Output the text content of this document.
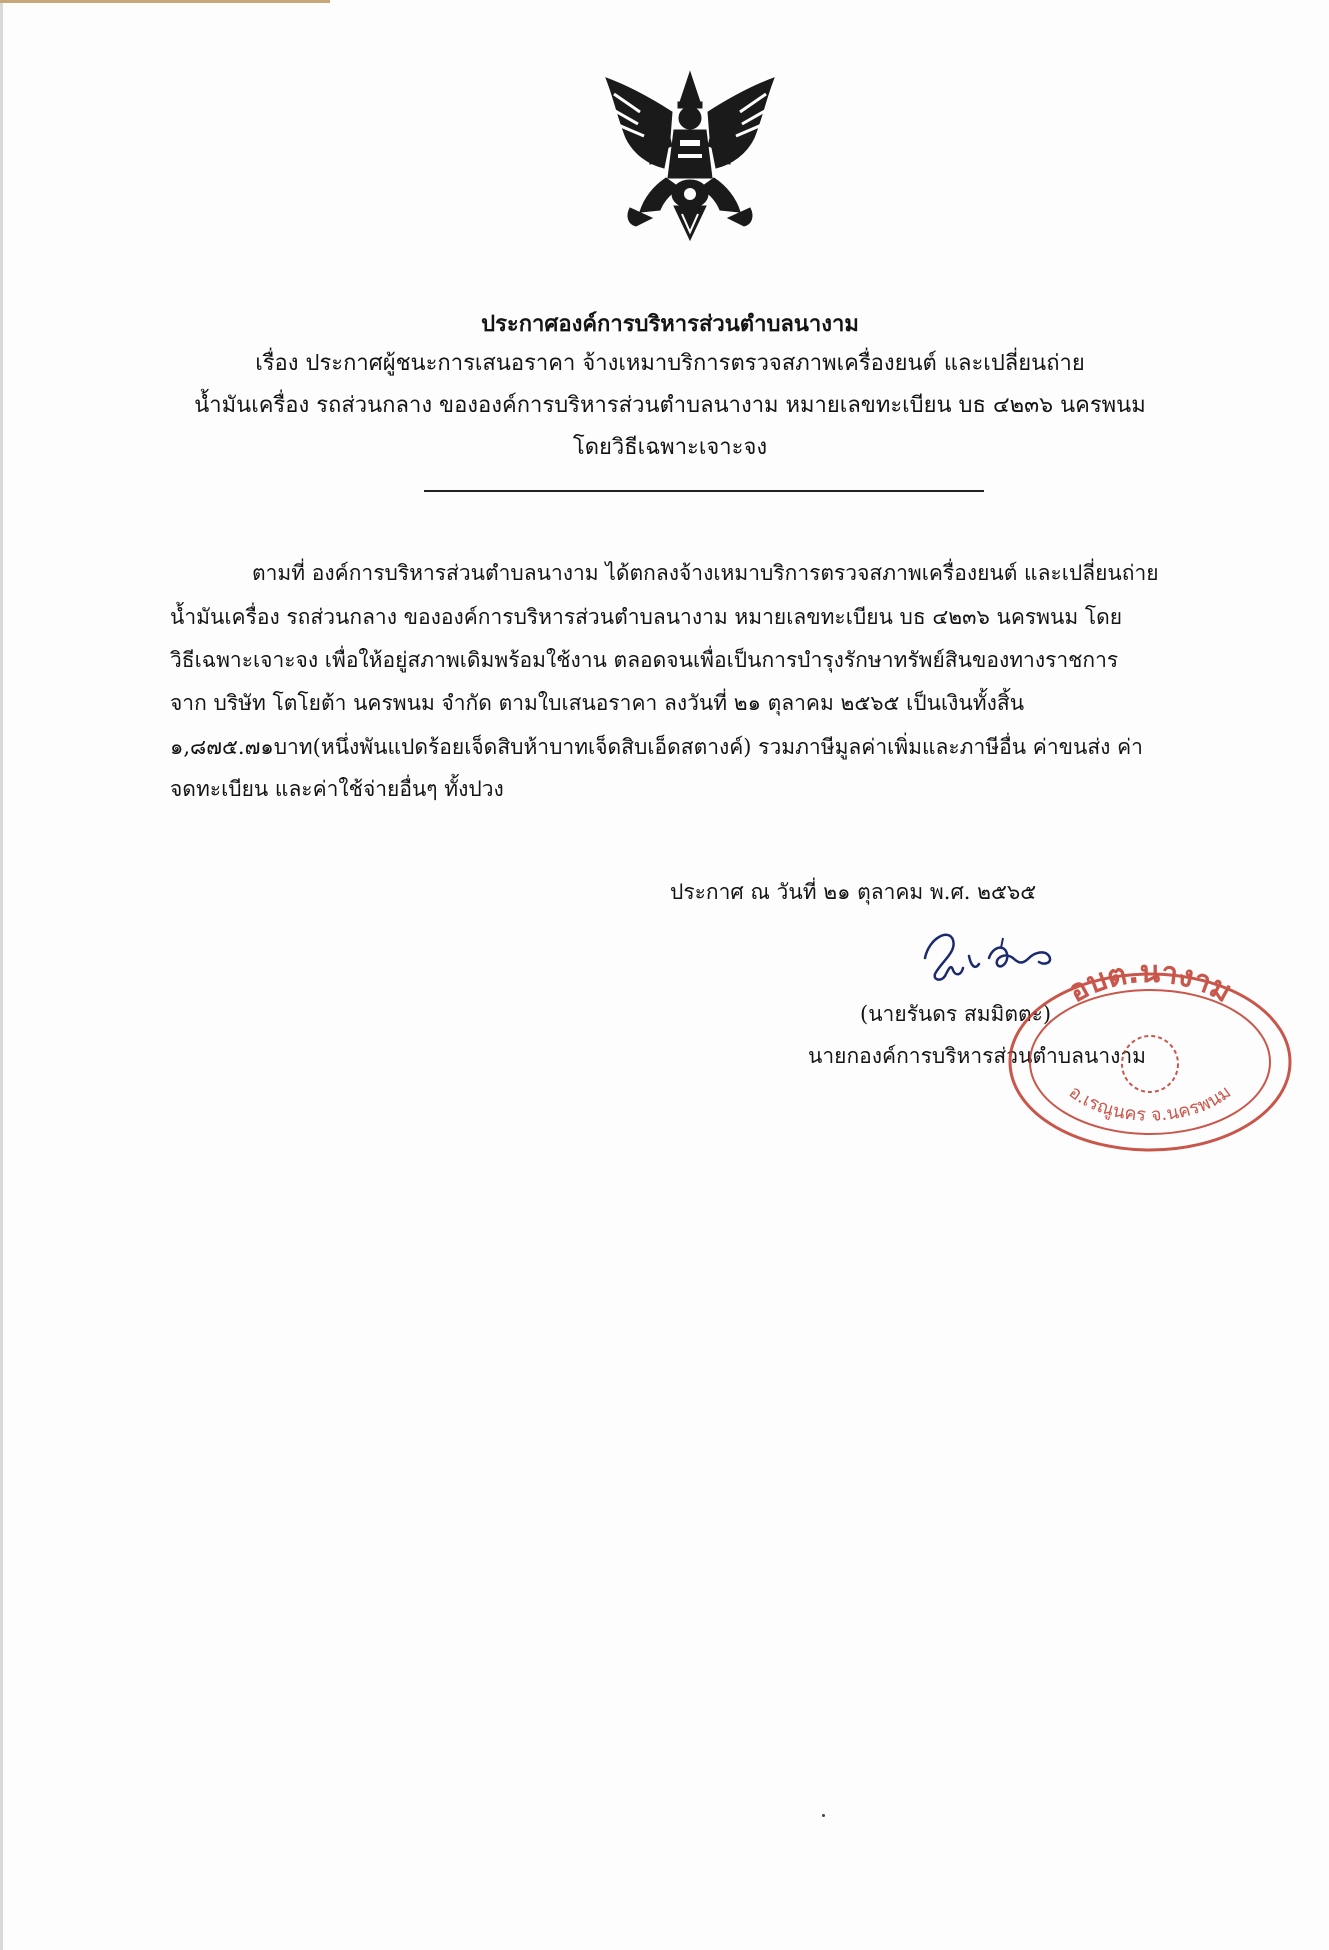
ประกาศองค์การบริหารส่วนตำบลนางาม
เรื่อง ประกาศผู้ชนะการเสนอราคา จ้างเหมาบริการตรวจสภาพเครื่องยนต์ และเปลี่ยนถ่าย
น้ำมันเครื่อง รถส่วนกลาง ขององค์การบริหารส่วนตำบลนางาม หมายเลขทะเบียน บธ ๔๒๓๖ นครพนม
โดยวิธีเฉพาะเจาะจง
ตามที่ องค์การบริหารส่วนตำบลนางาม ได้ตกลงจ้างเหมาบริการตรวจสภาพเครื่องยนต์ และเปลี่ยนถ่าย
น้ำมันเครื่อง รถส่วนกลาง ขององค์การบริหารส่วนตำบลนางาม หมายเลขทะเบียน บธ ๔๒๓๖ นครพนม โดย
วิธีเฉพาะเจาะจง เพื่อให้อยู่สภาพเดิมพร้อมใช้งาน ตลอดจนเพื่อเป็นการบำรุงรักษาทรัพย์สินของทางราชการ
จาก บริษัท โตโยต้า นครพนม จำกัด ตามใบเสนอราคา ลงวันที่ ๒๑ ตุลาคม ๒๕๖๕ เป็นเงินทั้งสิ้น
๑,๘๗๕.๗๑บาท(หนึ่งพันแปดร้อยเจ็ดสิบห้าบาทเจ็ดสิบเอ็ดสตางค์) รวมภาษีมูลค่าเพิ่มและภาษีอื่น ค่าขนส่ง ค่า
จดทะเบียน และค่าใช้จ่ายอื่นๆ ทั้งปวง
ประกาศ ณ วันที่ ๒๑ ตุลาคม พ.ศ. ๒๕๖๕
(นายรันดร สมมิตตะ)
นายกองค์การบริหารส่วนตำบลนางาม
อบต.นางาม
อ.เรณูนคร จ.นครพนม
